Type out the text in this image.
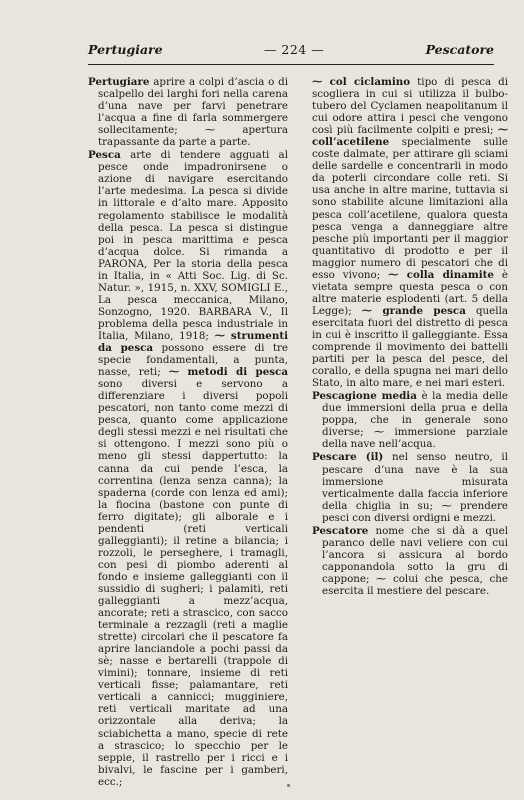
Pertugiare	— 224 —	Pescatore

Pertugiare aprire a colpi d’ascia o di scalpello dei larghi fori nella carena d’una nave per farvi penetrare l’acqua a fine di farla sommergere sollecitamente; ⁓ apertura trapassante da parte a parte.

Pesca arte di tendere agguati al pesce onde impadronirsene o azione di navigare esercitando l’arte medesima. La pesca si divide in littorale e d’alto mare. Apposito regolamento stabilisce le modalità della pesca. La pesca si distingue poi in pesca marittima e pesca d’acqua dolce. Si rimanda a PARONA, Per la storia della pesca in Italia, in « Atti Soc. Lig. di Sc. Natur. », 1915, n. XXV, SOMIGLI E., La pesca meccanica, Milano, Sonzogno, 1920. BARBARA V., Il problema della pesca industriale in Italia, Milano, 1918; ⁓ strumenti da pesca possono essere di tre specie fondamentali, a punta, nasse, reti; ⁓ metodi di pesca sono diversi e servono a differenziare i diversi popoli pescatori, non tanto come mezzi di pesca, quanto come applicazione degli stessi mezzi e nei risultati che si ottengono. I mezzi sono più o meno gli stessi dappertutto: la canna da cui pende l’esca, la correntina (lenza senza canna); la spaderna (corde con lenza ed ami); la fiocina (bastone con punte di ferro digitate); gli alborale e i pendenti (reti verticali galleggianti); il retine a bilancia; i rozzoli, le perseghere, i tramagli, con pesi di piombo aderenti al fondo e insieme galleggianti con il sussidio di sugheri; i palamiti, reti galleggianti a mezz’acqua, ancorate; reti a strascico, con sacco terminale a rezzagli (reti a maglie strette) circolari che il pescatore fa aprire lanciandole a pochi passi da sè; nasse e bertarelli (trappole di vimini); tonnare, insieme di reti verticali fisse; palamantare, reti verticali a cannicci; mugginiere, reti verticali maritate ad una orizzontale alla deriva; la sciabichetta a mano, specie di rete a strascico; lo specchio per le seppie, il rastrello per i ricci e i bivalvi, le fascine per i gamberi, ecc.;

⁓ col ciclamino tipo di pesca di scogliera in cui si utilizza il bulbo-tubero del Cyclamen neapolitanum il cui odore attira i pesci che vengono così più facilmente colpiti e presi; ⁓ coll’acetilene specialmente sulle coste dalmate, per attirare gli sciami delle sardelle e concentrarli in modo da poterli circondare colle reti. Si usa anche in altre marine, tuttavia si sono stabilite alcune limitazioni alla pesca coll’acetilene, qualora questa pesca venga a danneggiare altre pesche più importanti per il maggior quantitativo di prodotto e per il maggior numero di pescatori che di esso vivono; ⁓ colla dinamite è vietata sempre questa pesca o con altre materie esplodenti (art. 5 della Legge); ⁓ grande pesca quella esercitata fuori del distretto di pesca in cui è inscritto il galleggiante. Essa comprende il movimento dei battelli partiti per la pesca del pesce, del corallo, e della spugna nei mari dello Stato, in alto mare, e nei mari esteri.

Pescagione media è la media delle due immersioni della prua e della poppa, che in generale sono diverse; ⁓ immersione parziale della nave nell’acqua.

Pescare (il) nel senso neutro, il pescare d’una nave è la sua immersione misurata verticalmente dalla faccia inferiore della chiglia in su; ⁓ prendere pesci con diversi ordigni e mezzi.

Pescatore nome che si dà a quel paranco delle navi veliere con cui l’ancora si assicura al bordo capponandola sotto la gru di capponе; ⁓ colui che pesca, che esercita il mestiere del pescare.
